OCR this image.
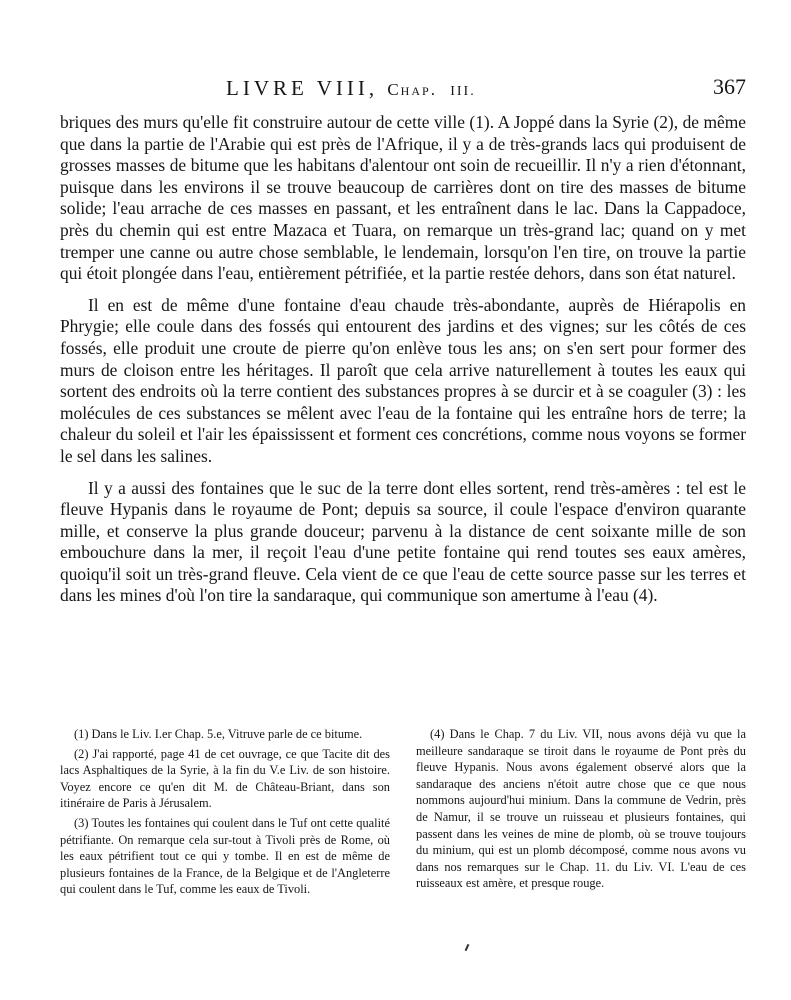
LIVRE VIII, Chap. III.	367

briques des murs qu'elle fit construire autour de cette ville (1). A Joppé dans la Syrie (2), de même que dans la partie de l'Arabie qui est près de l'Afrique, il y a de très-grands lacs qui produisent de grosses masses de bitume que les habitans d'alentour ont soin de recueillir. Il n'y a rien d'étonnant, puisque dans les environs il se trouve beaucoup de carrières dont on tire des masses de bitume solide; l'eau arrache de ces masses en passant, et les entraînent dans le lac. Dans la Cappadoce, près du chemin qui est entre Mazaca et Tuara, on remarque un très-grand lac; quand on y met tremper une canne ou autre chose semblable, le lendemain, lorsqu'on l'en tire, on trouve la partie qui étoit plongée dans l'eau, entièrement pétrifiée, et la partie restée dehors, dans son état naturel.

Il en est de même d'une fontaine d'eau chaude très-abondante, auprès de Hiérapolis en Phrygie; elle coule dans des fossés qui entourent des jardins et des vignes; sur les côtés de ces fossés, elle produit une croute de pierre qu'on enlève tous les ans; on s'en sert pour former des murs de cloison entre les héritages. Il paroît que cela arrive naturellement à toutes les eaux qui sortent des endroits où la terre contient des substances propres à se durcir et à se coaguler (3) : les molécules de ces substances se mêlent avec l'eau de la fontaine qui les entraîne hors de terre; la chaleur du soleil et l'air les épaississent et forment ces concrétions, comme nous voyons se former le sel dans les salines.

Il y a aussi des fontaines que le suc de la terre dont elles sortent, rend très-amères : tel est le fleuve Hypanis dans le royaume de Pont; depuis sa source, il coule l'espace d'environ quarante mille, et conserve la plus grande douceur; parvenu à la distance de cent soixante mille de son embouchure dans la mer, il reçoit l'eau d'une petite fontaine qui rend toutes ses eaux amères, quoiqu'il soit un très-grand fleuve. Cela vient de ce que l'eau de cette source passe sur les terres et dans les mines d'où l'on tire la sandaraque, qui communique son amertume à l'eau (4).

(1) Dans le Liv. I.er Chap. 5.e, Vitruve parle de ce bitume.

(2) J'ai rapporté, page 41 de cet ouvrage, ce que Tacite dit des lacs Asphaltiques de la Syrie, à la fin du V.e Liv. de son histoire. Voyez encore ce qu'en dit M. de Château-Briant, dans son itinéraire de Paris à Jérusalem.

(3) Toutes les fontaines qui coulent dans le Tuf ont cette qualité pétrifiante. On remarque cela sur-tout à Tivoli près de Rome, où les eaux pétrifient tout ce qui y tombe. Il en est de même de plusieurs fontaines de la France, de la Belgique et de l'Angleterre qui coulent dans le Tuf, comme les eaux de Tivoli.

(4) Dans le Chap. 7 du Liv. VII, nous avons déjà vu que la meilleure sandaraque se tiroit dans le royaume de Pont près du fleuve Hypanis. Nous avons également observé alors que la sandaraque des anciens n'étoit autre chose que ce que nous nommons aujourd'hui minium. Dans la commune de Vedrin, près de Namur, il se trouve un ruisseau et plusieurs fontaines, qui passent dans les veines de mine de plomb, où se trouve toujours du minium, qui est un plomb décomposé, comme nous avons vu dans nos remarques sur le Chap. 11. du Liv. VI. L'eau de ces ruisseaux est amère, et presque rouge.
